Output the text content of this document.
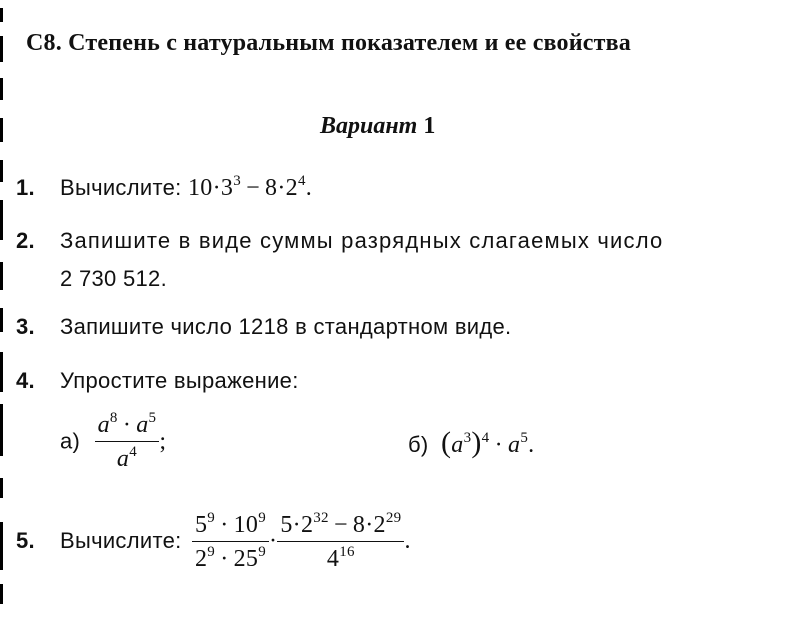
С8. Степень с натуральным показателем и ее свойства
Вариант 1
1. Вычислите: $10\cdot 3^3 - 8\cdot 2^4$.
2. Запишите в виде суммы разрядных слагаемых число
2 730 512.
3. Запишите число 1218 в стандартном виде.
4. Упростите выражение:
$а) \frac{a^8 \cdot a^5}{a^4}$ ;	б) $(a^3)^4 \cdot a^5$.
5. Вычислите: $\frac{5^9 \cdot 10^9}{2^9 \cdot 25^9} \cdot \frac{5\cdot 2^{32} - 8\cdot 2^{29}}{4^{16}}$ .
